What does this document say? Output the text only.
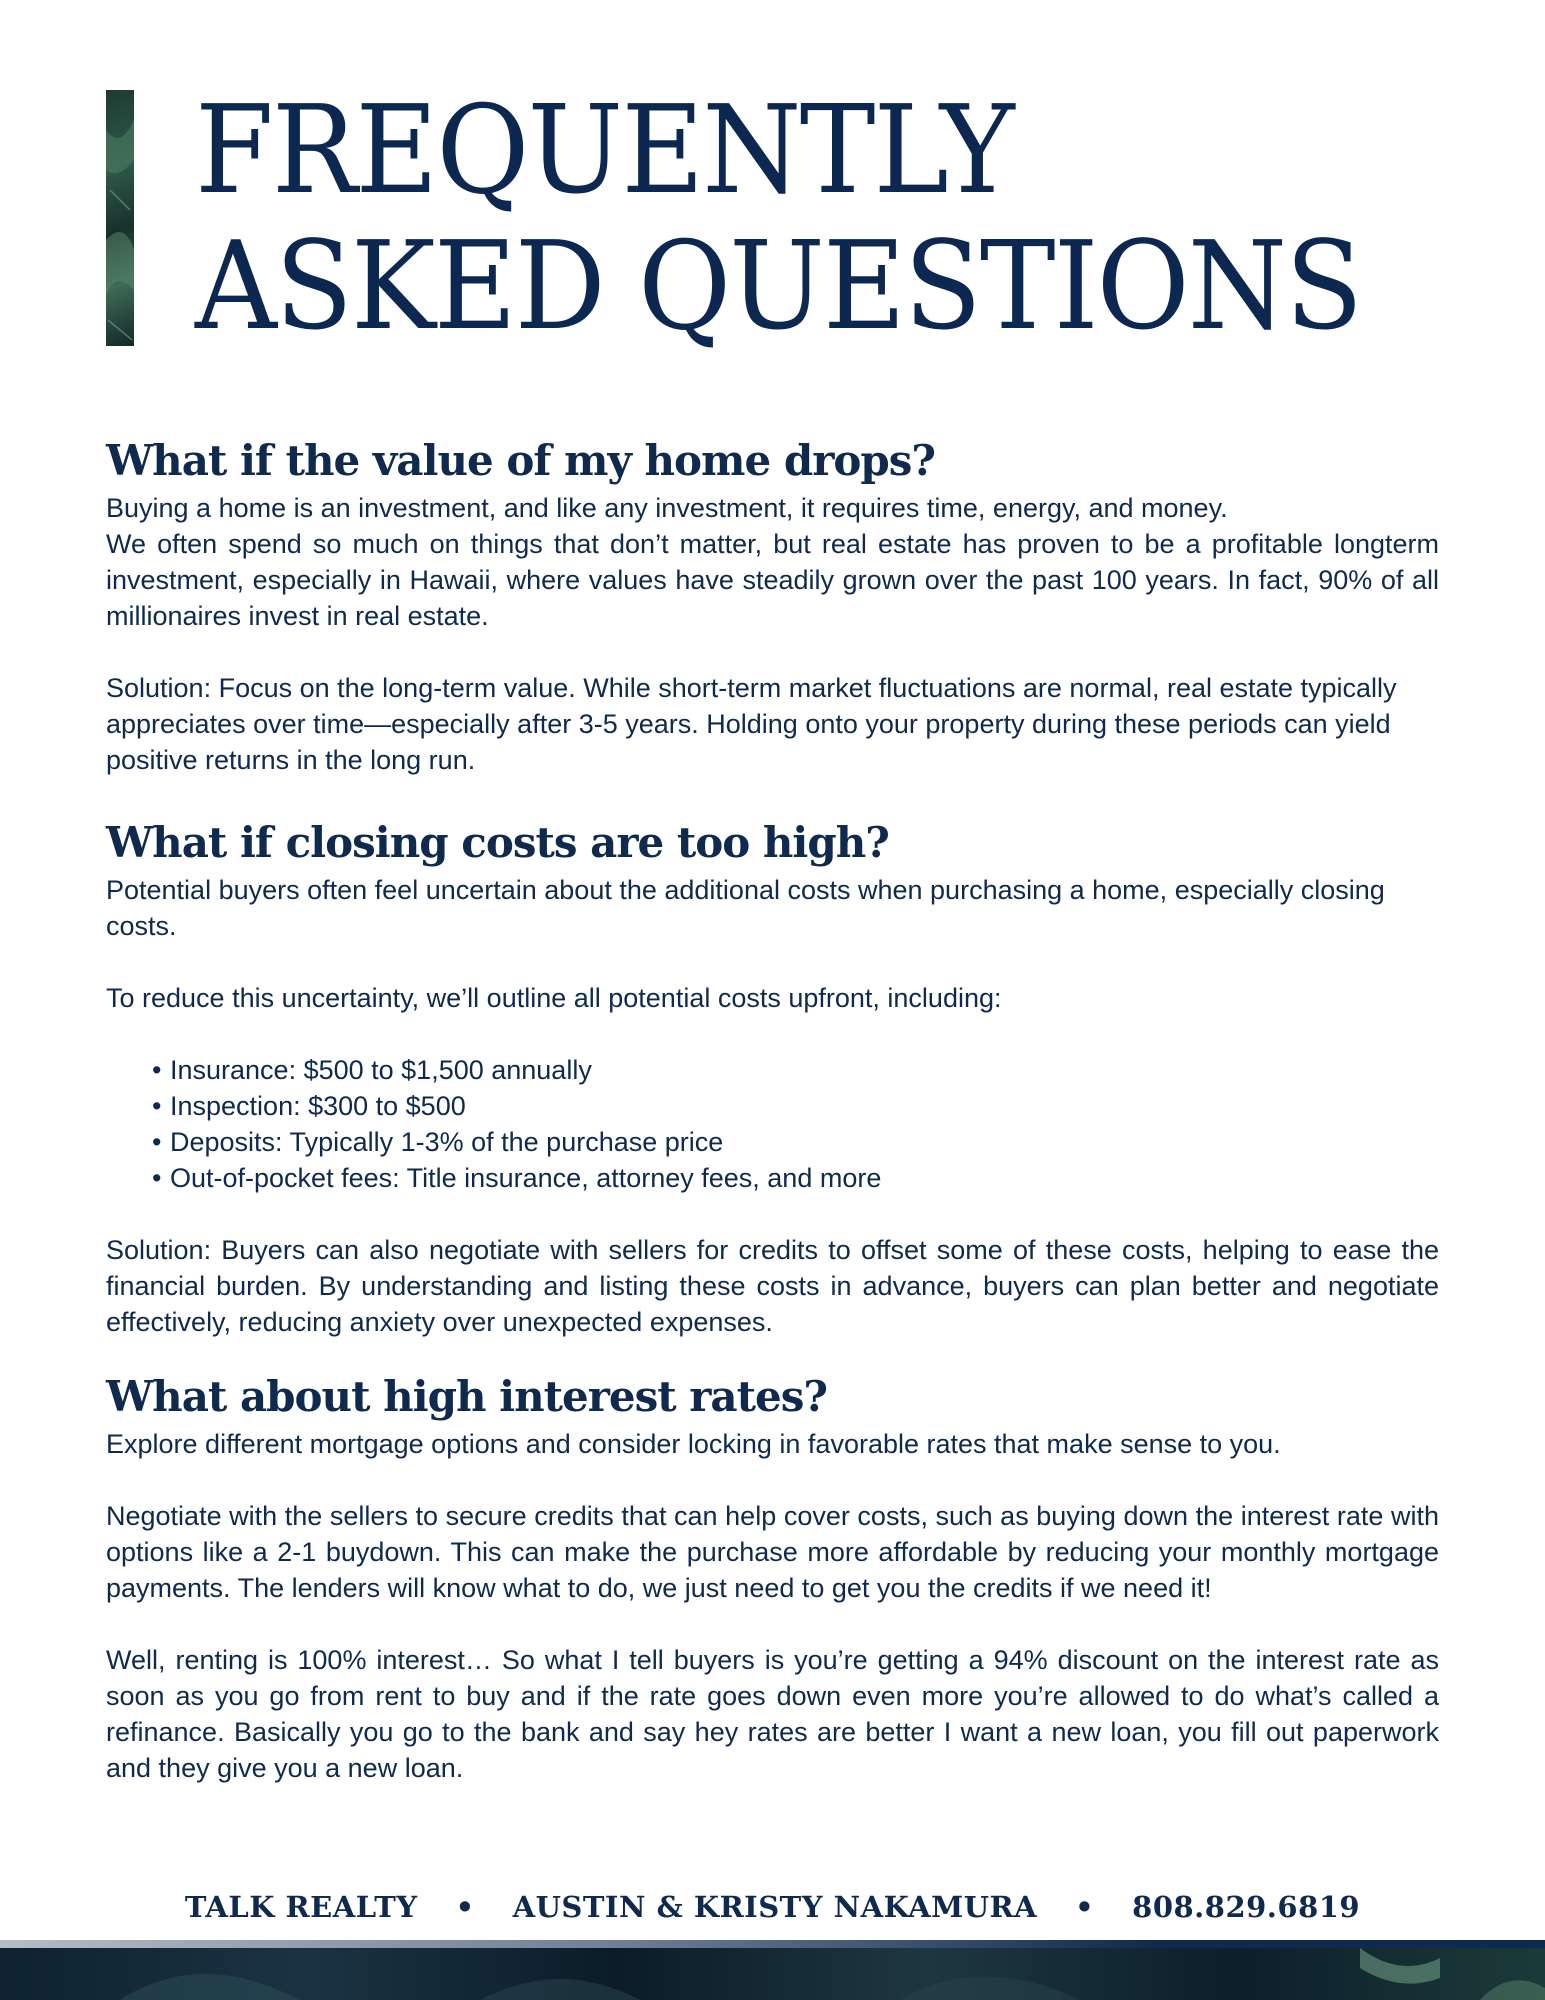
FREQUENTLY
ASKED QUESTIONS
What if the value of my home drops?

Buying a home is an investment, and like any investment, it requires time, energy, and money.

We often spend so much on things that don’t matter, but real estate has proven to be a profitable longterm investment, especially in Hawaii, where values have steadily grown over the past 100 years. In fact, 90% of all millionaires invest in real estate.

Solution: Focus on the long-term value. While short-term market fluctuations are normal, real estate typically appreciates over time—especially after 3-5 years. Holding onto your property during these periods can yield positive returns in the long run.

What if closing costs are too high?

Potential buyers often feel uncertain about the additional costs when purchasing a home, especially closing costs.

To reduce this uncertainty, we’ll outline all potential costs upfront, including:

• Insurance: $500 to $1,500 annually
• Inspection: $300 to $500
• Deposits: Typically 1-3% of the purchase price
• Out-of-pocket fees: Title insurance, attorney fees, and more

Solution: Buyers can also negotiate with sellers for credits to offset some of these costs, helping to ease the financial burden. By understanding and listing these costs in advance, buyers can plan better and negotiate effectively, reducing anxiety over unexpected expenses.

What about high interest rates?

Explore different mortgage options and consider locking in favorable rates that make sense to you.

Negotiate with the sellers to secure credits that can help cover costs, such as buying down the interest rate with options like a 2-1 buydown. This can make the purchase more affordable by reducing your monthly mortgage payments. The lenders will know what to do, we just need to get you the credits if we need it!

Well, renting is 100% interest… So what I tell buyers is you’re getting a 94% discount on the interest rate as soon as you go from rent to buy and if the rate goes down even more you’re allowed to do what’s called a refinance. Basically you go to the bank and say hey rates are better I want a new loan, you fill out paperwork and they give you a new loan.

TALK REALTY • AUSTIN & KRISTY NAKAMURA • 808.829.6819
